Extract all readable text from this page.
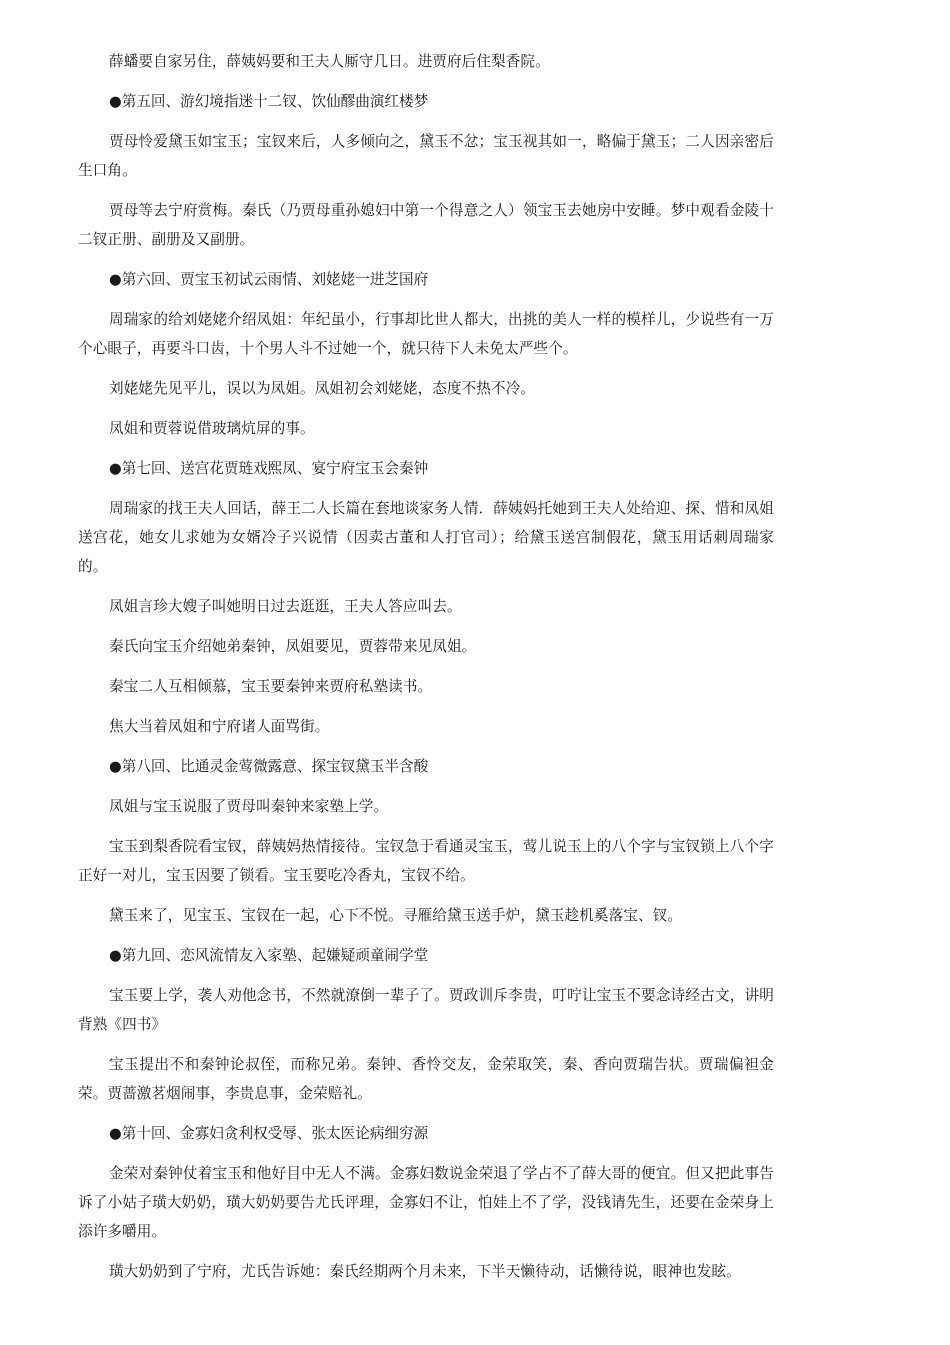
薛蟠要自家另住，薛姨妈要和王夫人厮守几日。进贾府后住梨香院。

●第五回、游幻境指迷十二钗、饮仙醪曲演红楼梦

贾母怜爱黛玉如宝玉；宝钗来后，人多倾向之，黛玉不忿；宝玉视其如一，略偏于黛玉；二人因亲密后生口角。

贾母等去宁府赏梅。秦氏（乃贾母重孙媳妇中第一个得意之人）领宝玉去她房中安睡。梦中观看金陵十二钗正册、副册及又副册。

●第六回、贾宝玉初试云雨情、刘姥姥一进芝国府

周瑞家的给刘姥姥介绍凤姐：年纪虽小，行事却比世人都大，出挑的美人一样的模样儿，少说些有一万个心眼子，再要斗口齿，十个男人斗不过她一个，就只待下人未免太严些个。

刘姥姥先见平儿，误以为凤姐。凤姐初会刘姥姥，态度不热不冷。

凤姐和贾蓉说借玻璃炕屏的事。

●第七回、送宫花贾琏戏熙凤、宴宁府宝玉会秦钟

周瑞家的找王夫人回话，薛王二人长篇在套地谈家务人情．薛姨妈托她到王夫人处给迎、探、惜和凤姐送宫花，她女儿求她为女婿冷子兴说情（因卖古董和人打官司）；给黛玉送宫制假花，黛玉用话刺周瑞家的。

凤姐言珍大嫂子叫她明日过去逛逛，王夫人答应叫去。

秦氏向宝玉介绍她弟秦钟，凤姐要见，贾蓉带来见凤姐。

秦宝二人互相倾慕，宝玉要秦钟来贾府私塾读书。

焦大当着凤姐和宁府诸人面骂街。

●第八回、比通灵金莺微露意、探宝钗黛玉半含酸

凤姐与宝玉说服了贾母叫秦钟来家塾上学。

宝玉到梨香院看宝钗，薛姨妈热情接待。宝钗急于看通灵宝玉，莺儿说玉上的八个字与宝钗锁上八个字正好一对儿，宝玉因要了锁看。宝玉要吃冷香丸，宝钗不给。

黛玉来了，见宝玉、宝钗在一起，心下不悦。寻雁给黛玉送手炉，黛玉趁机奚落宝、钗。

●第九回、恋风流情友入家塾、起嫌疑顽童闹学堂

宝玉要上学，袭人劝他念书，不然就潦倒一辈子了。贾政训斥李贵，叮咛让宝玉不要念诗经古文，讲明背熟《四书》

宝玉提出不和秦钟论叔侄，而称兄弟。秦钟、香怜交友，金荣取笑，秦、香向贾瑞告状。贾瑞偏袒金荣。贾蔷激茗烟闹事，李贵息事，金荣赔礼。

●第十回、金寡妇贪利权受辱、张太医论病细穷源

金荣对秦钟仗着宝玉和他好目中无人不满。金寡妇数说金荣退了学占不了薛大哥的便宜。但又把此事告诉了小姑子璜大奶奶，璜大奶奶要告尤氏评理，金寡妇不让，怕娃上不了学，没钱请先生，还要在金荣身上添许多嚼用。

璜大奶奶到了宁府，尤氏告诉她：秦氏经期两个月未来，下半天懒待动，话懒待说，眼神也发眩。
